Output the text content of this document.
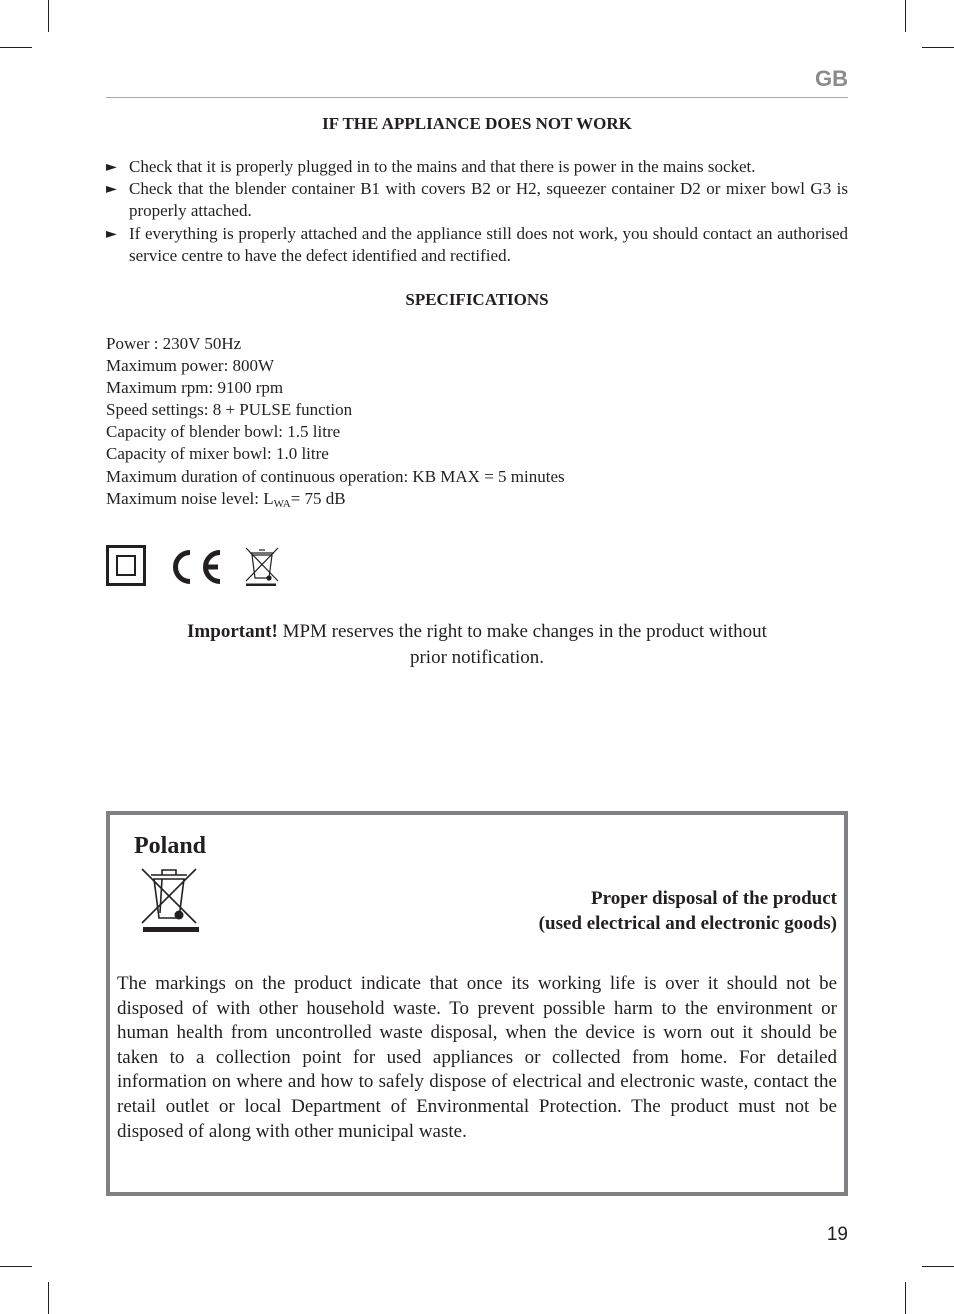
GB
IF THE APPLIANCE DOES NOT WORK
► Check that it is properly plugged in to the mains and that there is power in the mains socket.
► Check that the blender container B1 with covers B2 or H2, squeezer container D2 or mixer bowl G3 is properly attached.
► If everything is properly attached and the appliance still does not work, you should contact an authorised service centre to have the defect identified and rectified.
SPECIFICATIONS
Power : 230V 50Hz
Maximum power: 800W
Maximum rpm: 9100 rpm
Speed settings: 8 + PULSE function
Capacity of blender bowl: 1.5 litre
Capacity of mixer bowl: 1.0 litre
Maximum duration of continuous operation: KB MAX = 5 minutes
Maximum noise level: $L_{WA}= 75$ dB
Important! MPM reserves the right to make changes in the product without
prior notification.
Poland
Proper disposal of the product
(used electrical and electronic goods)
The markings on the product indicate that once its working life is over it should not be disposed of with other household waste. To prevent possible harm to the environment or human health from uncontrolled waste disposal, when the device is worn out it should be taken to a collection point for used appliances or collected from home. For detailed information on where and how to safely dispose of electrical and electronic waste, contact the retail outlet or local Department of Environmental Protection. The product must not be disposed of along with other municipal waste.
19
